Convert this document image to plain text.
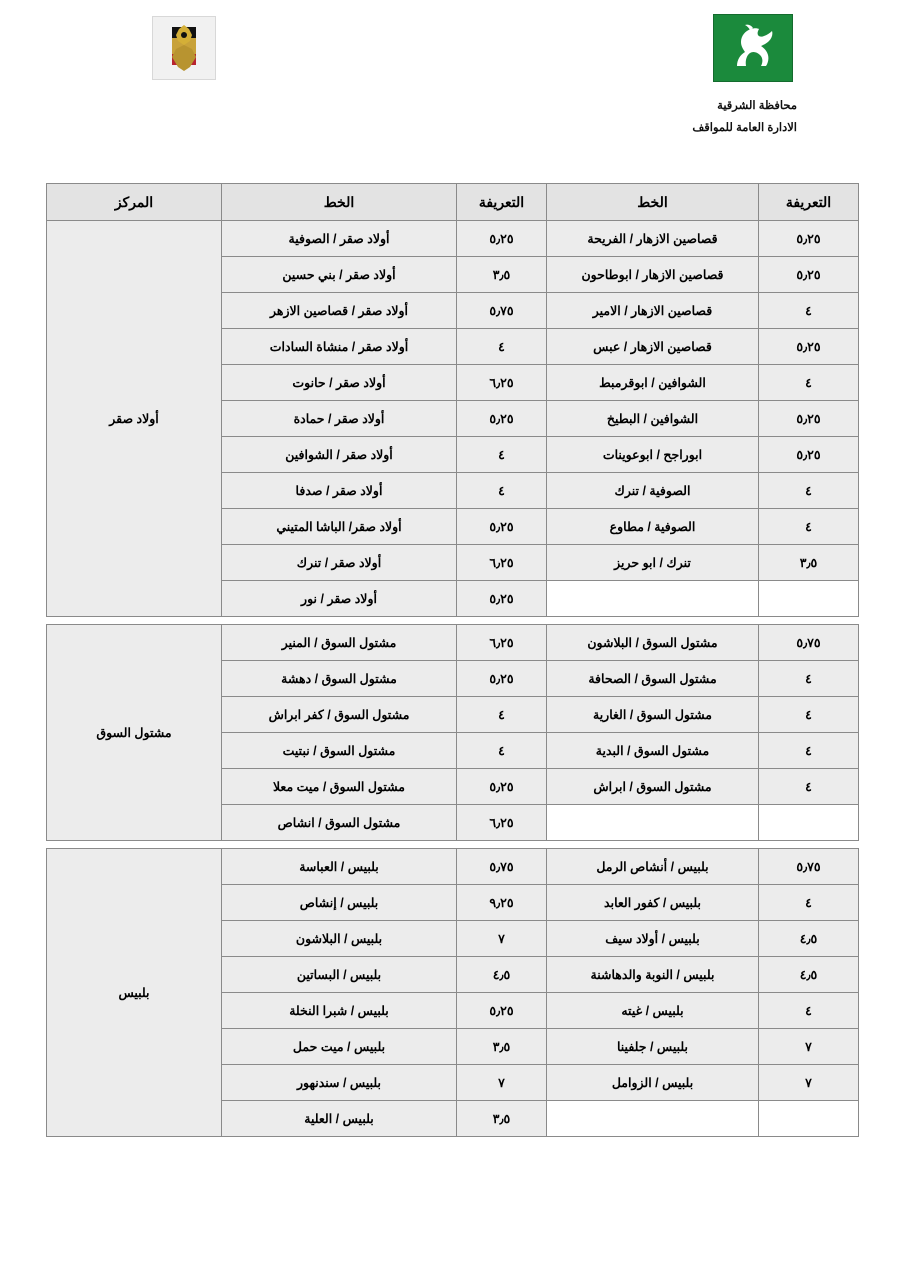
محافظة الشرقية
الادارة العامة للمواقف
التعريفة	الخط	التعريفة	الخط	المركز
٥٫٢٥	قصاصين الازهار / الفريحة	٥٫٢٥	أولاد صقر / الصوفية	أولاد صقر
٥٫٢٥	قصاصين الازهار / ابوطاحون	٣٫٥	أولاد صقر / بني حسين	
٤	قصاصين الازهار / الامير	٥٫٧٥	أولاد صقر / قصاصين الازهر	
٥٫٢٥	قصاصين الازهار / عبس	٤	أولاد صقر / منشاة السادات	
٤	الشوافين / ابوقرمبط	٦٫٢٥	أولاد صقر / حانوت	
٥٫٢٥	الشوافين / البطيخ	٥٫٢٥	أولاد صقر / حمادة	
٥٫٢٥	ابوراجح / ابوعوينات	٤	أولاد صقر / الشوافين	
٤	الصوفية / تنرك	٤	أولاد صقر / صدفا	
٤	الصوفية / مطاوع	٥٫٢٥	أولاد صقر/ الباشا المتيني	
٣٫٥	تنرك / ابو حريز	٦٫٢٥	أولاد صقر / تنرك	
		٥٫٢٥	أولاد صقر / نور	

٥٫٧٥	مشتول السوق / البلاشون	٦٫٢٥	مشتول السوق / المنير	مشتول السوق
٤	مشتول السوق / الصحافة	٥٫٢٥	مشتول السوق / دهشة	
٤	مشتول السوق / الغارية	٤	مشتول السوق / كفر ابراش	
٤	مشتول السوق / البدية	٤	مشتول السوق / نبتيت	
٤	مشتول السوق / ابراش	٥٫٢٥	مشتول السوق / ميت معلا	
		٦٫٢٥	مشتول السوق / انشاص	

٥٫٧٥	بلبيس / أنشاص الرمل	٥٫٧٥	بلبيس / العباسة	بلبيس
٤	بلبيس / كفور العابد	٩٫٢٥	بلبيس / إنشاص	
٤٫٥	بلبيس / أولاد سيف	٧	بلبيس / البلاشون	
٤٫٥	بلبيس / النوبة والدهاشنة	٤٫٥	بلبيس / البساتين	
٤	بلبيس / غيته	٥٫٢٥	بلبيس / شبرا النخلة	
٧	بلبيس / جلفينا	٣٫٥	بلبيس / ميت حمل	
٧	بلبيس / الزوامل	٧	بلبيس / سندنهور	
		٣٫٥	بلبيس / العلية	
